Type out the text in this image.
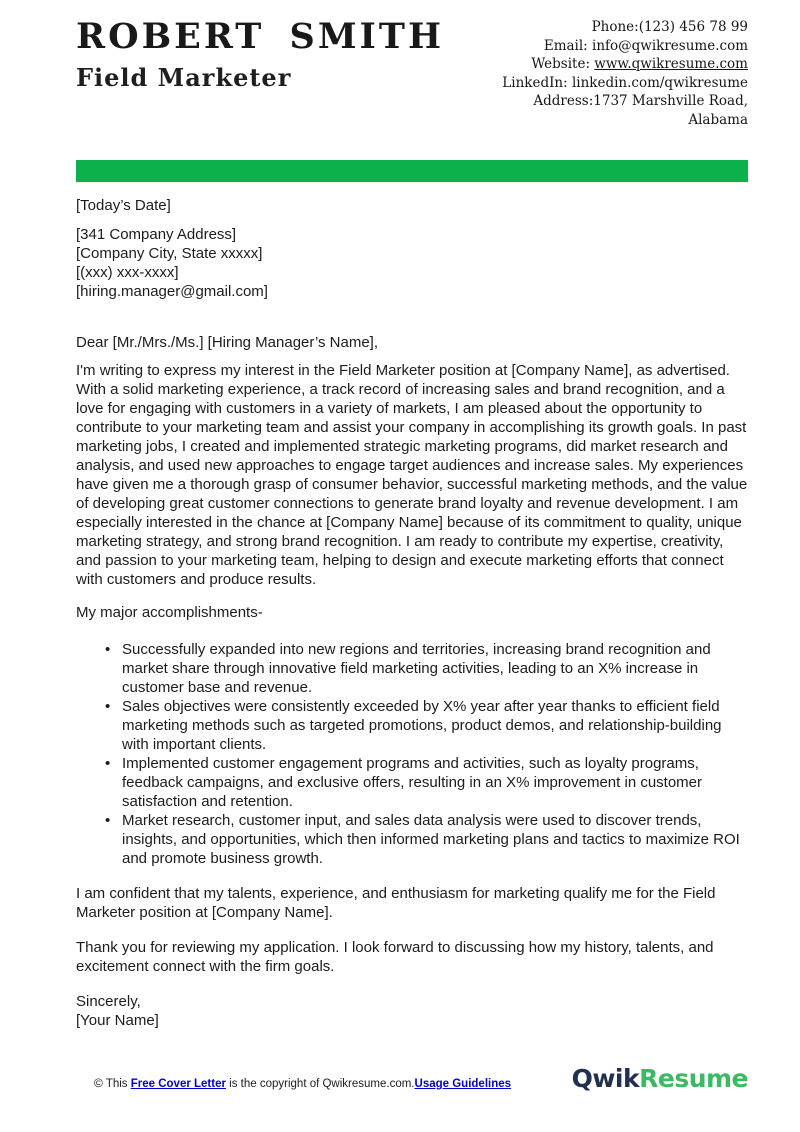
ROBERT SMITH
Field Marketer
Phone:(123) 456 78 99
Email: info@qwikresume.com
Website: www.qwikresume.com
LinkedIn: linkedin.com/qwikresume
Address:1737 Marshville Road,
Alabama

[Today’s Date]

[341 Company Address]
[Company City, State xxxxx]
[(xxx) xxx-xxxx]
[hiring.manager@gmail.com]

Dear [Mr./Mrs./Ms.] [Hiring Manager’s Name],

I'm writing to express my interest in the Field Marketer position at [Company Name], as advertised. With a solid marketing experience, a track record of increasing sales and brand recognition, and a love for engaging with customers in a variety of markets, I am pleased about the opportunity to contribute to your marketing team and assist your company in accomplishing its growth goals. In past marketing jobs, I created and implemented strategic marketing programs, did market research and analysis, and used new approaches to engage target audiences and increase sales. My experiences have given me a thorough grasp of consumer behavior, successful marketing methods, and the value of developing great customer connections to generate brand loyalty and revenue development. I am especially interested in the chance at [Company Name] because of its commitment to quality, unique marketing strategy, and strong brand recognition. I am ready to contribute my expertise, creativity, and passion to your marketing team, helping to design and execute marketing efforts that connect with customers and produce results.

My major accomplishments-

• Successfully expanded into new regions and territories, increasing brand recognition and market share through innovative field marketing activities, leading to an X% increase in customer base and revenue.
• Sales objectives were consistently exceeded by X% year after year thanks to efficient field marketing methods such as targeted promotions, product demos, and relationship-building with important clients.
• Implemented customer engagement programs and activities, such as loyalty programs, feedback campaigns, and exclusive offers, resulting in an X% improvement in customer satisfaction and retention.
• Market research, customer input, and sales data analysis were used to discover trends, insights, and opportunities, which then informed marketing plans and tactics to maximize ROI and promote business growth.

I am confident that my talents, experience, and enthusiasm for marketing qualify me for the Field Marketer position at [Company Name].

Thank you for reviewing my application. I look forward to discussing how my history, talents, and excitement connect with the firm goals.

Sincerely,
[Your Name]
© This Free Cover Letter is the copyright of Qwikresume.com.Usage Guidelines	QwikResume
